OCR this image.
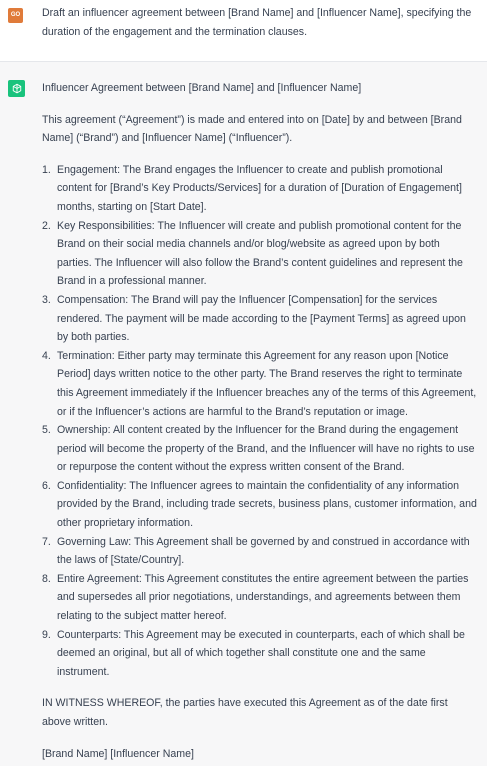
GO Draft an influencer agreement between [Brand Name] and [Influencer Name], specifying the duration of the engagement and the termination clauses.
Influencer Agreement between [Brand Name] and [Influencer Name]
This agreement (“Agreement”) is made and entered into on [Date] by and between [Brand Name] (“Brand”) and [Influencer Name] (“Influencer”).
1. Engagement: The Brand engages the Influencer to create and publish promotional content for [Brand’s Key Products/Services] for a duration of [Duration of Engagement] months, starting on [Start Date].
2. Key Responsibilities: The Influencer will create and publish promotional content for the Brand on their social media channels and/or blog/website as agreed upon by both parties. The Influencer will also follow the Brand’s content guidelines and represent the Brand in a professional manner.
3. Compensation: The Brand will pay the Influencer [Compensation] for the services rendered. The payment will be made according to the [Payment Terms] as agreed upon by both parties.
4. Termination: Either party may terminate this Agreement for any reason upon [Notice Period] days written notice to the other party. The Brand reserves the right to terminate this Agreement immediately if the Influencer breaches any of the terms of this Agreement, or if the Influencer’s actions are harmful to the Brand’s reputation or image.
5. Ownership: All content created by the Influencer for the Brand during the engagement period will become the property of the Brand, and the Influencer will have no rights to use or repurpose the content without the express written consent of the Brand.
6. Confidentiality: The Influencer agrees to maintain the confidentiality of any information provided by the Brand, including trade secrets, business plans, customer information, and other proprietary information.
7. Governing Law: This Agreement shall be governed by and construed in accordance with the laws of [State/Country].
8. Entire Agreement: This Agreement constitutes the entire agreement between the parties and supersedes all prior negotiations, understandings, and agreements between them relating to the subject matter hereof.
9. Counterparts: This Agreement may be executed in counterparts, each of which shall be deemed an original, but all of which together shall constitute one and the same instrument.
IN WITNESS WHEREOF, the parties have executed this Agreement as of the date first above written.
[Brand Name] [Influencer Name]
